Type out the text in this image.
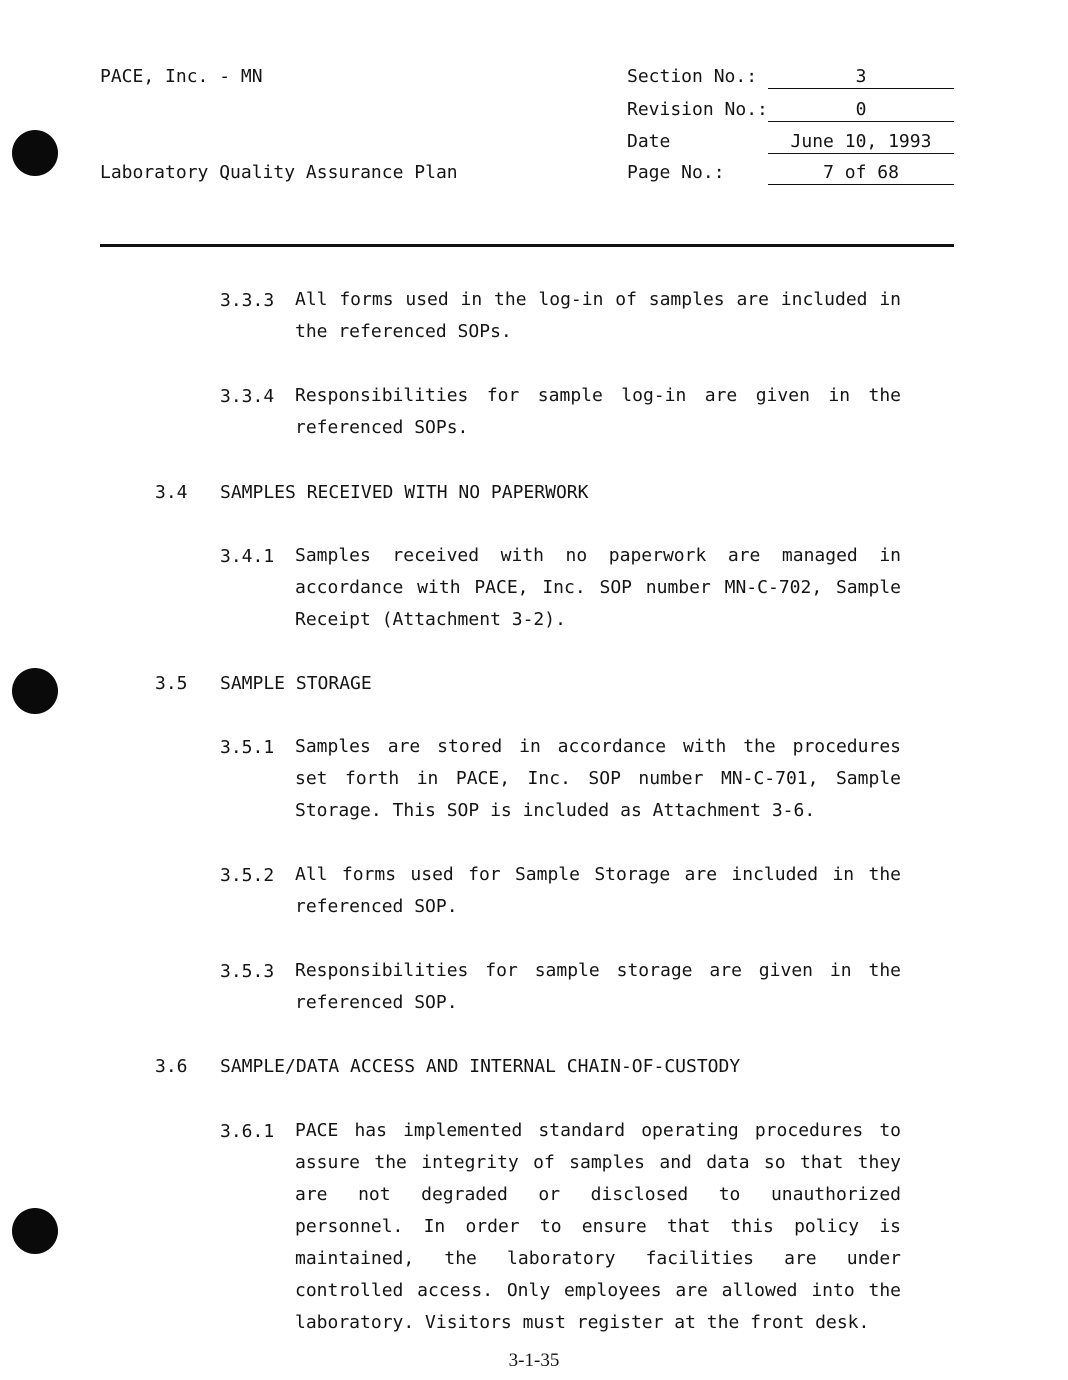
PACE, Inc. - MN
Laboratory Quality Assurance Plan
Section No.:	3
Revision No.:	0
Date	June 10, 1993
Page No.:	7 of 68
3.3.3 All forms used in the log-in of samples are included in
the referenced SOPs.
3.3.4 Responsibilities for sample log-in are given in the
referenced SOPs.
3.4 SAMPLES RECEIVED WITH NO PAPERWORK
3.4.1 Samples received with no paperwork are managed in
accordance with PACE, Inc. SOP number MN-C-702, Sample
Receipt (Attachment 3-2).
3.5 SAMPLE STORAGE
3.5.1 Samples are stored in accordance with the procedures
set forth in PACE, Inc. SOP number MN-C-701, Sample
Storage. This SOP is included as Attachment 3-6.
3.5.2 All forms used for Sample Storage are included in the
referenced SOP.
3.5.3 Responsibilities for sample storage are given in the
referenced SOP.
3.6 SAMPLE/DATA ACCESS AND INTERNAL CHAIN-OF-CUSTODY
3.6.1 PACE has implemented standard operating procedures to
assure the integrity of samples and data so that they
are not degraded or disclosed to unauthorized
personnel. In order to ensure that this policy is
maintained, the laboratory facilities are under
controlled access. Only employees are allowed into the
laboratory. Visitors must register at the front desk.
3-1-35
